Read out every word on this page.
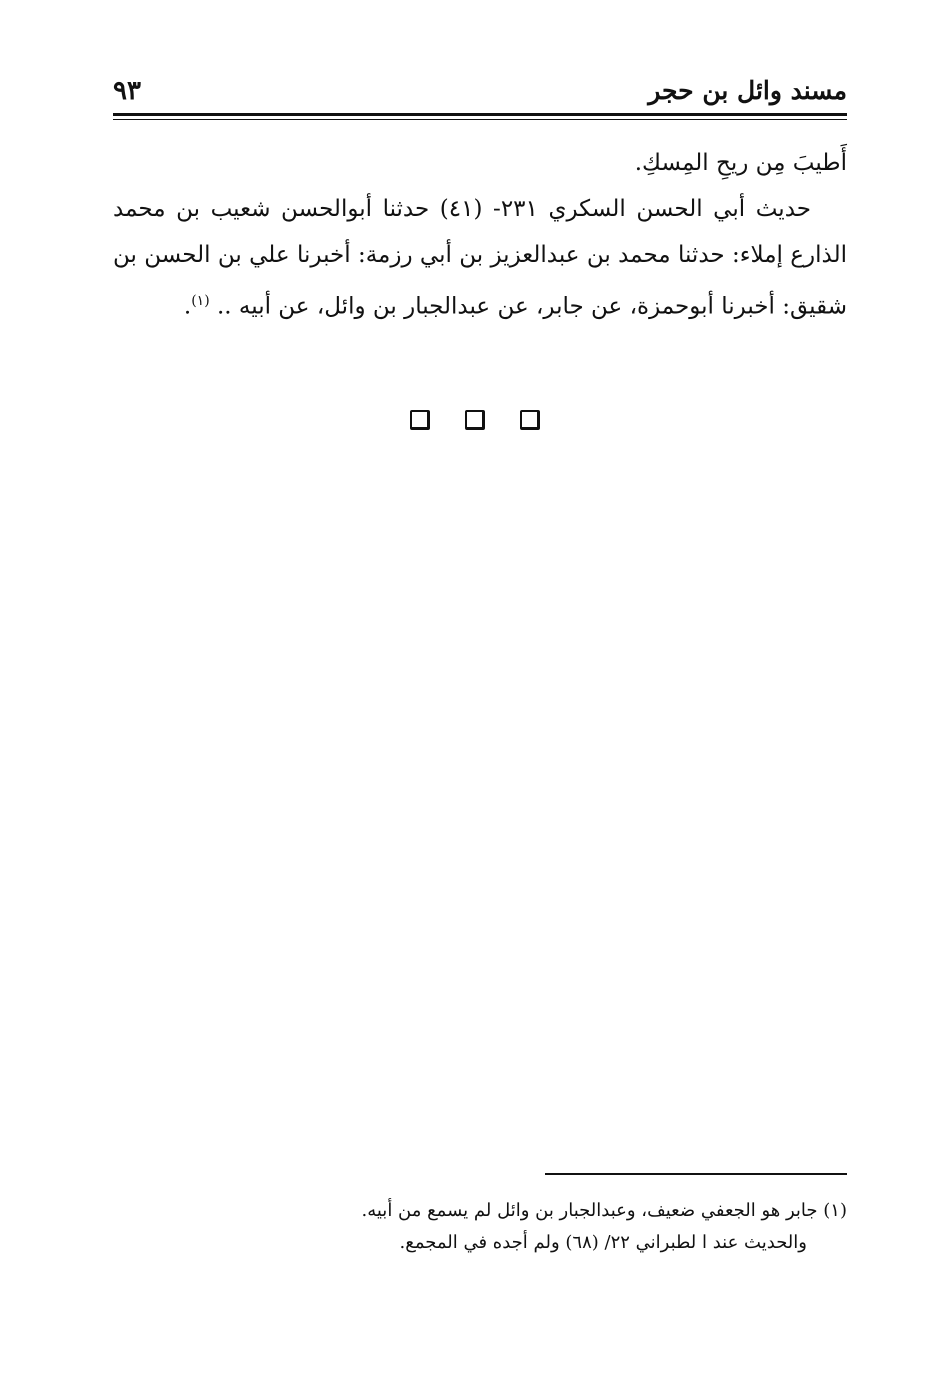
مسند وائل بن حجر
٩٣

أَطيبَ مِن ريحِ المِسكِ.

حديث أبي الحسن السكري ٢٣١- (٤١) حدثنا أبوالحسن شعيب بن محمد الذارع إملاء: حدثنا محمد بن عبدالعزيز بن أبي رزمة: أخبرنا علي بن الحسن بن شقيق: أخبرنا أبوحمزة، عن جابر، عن عبدالجبار بن وائل، عن أبيه .. $^{(١)}$.

(١) جابر هو الجعفي ضعيف، وعبدالجبار بن وائل لم يسمع من أبيه.

والحديث عند ا لطبراني ٢٢/ (٦٨) ولم أجده في المجمع.
